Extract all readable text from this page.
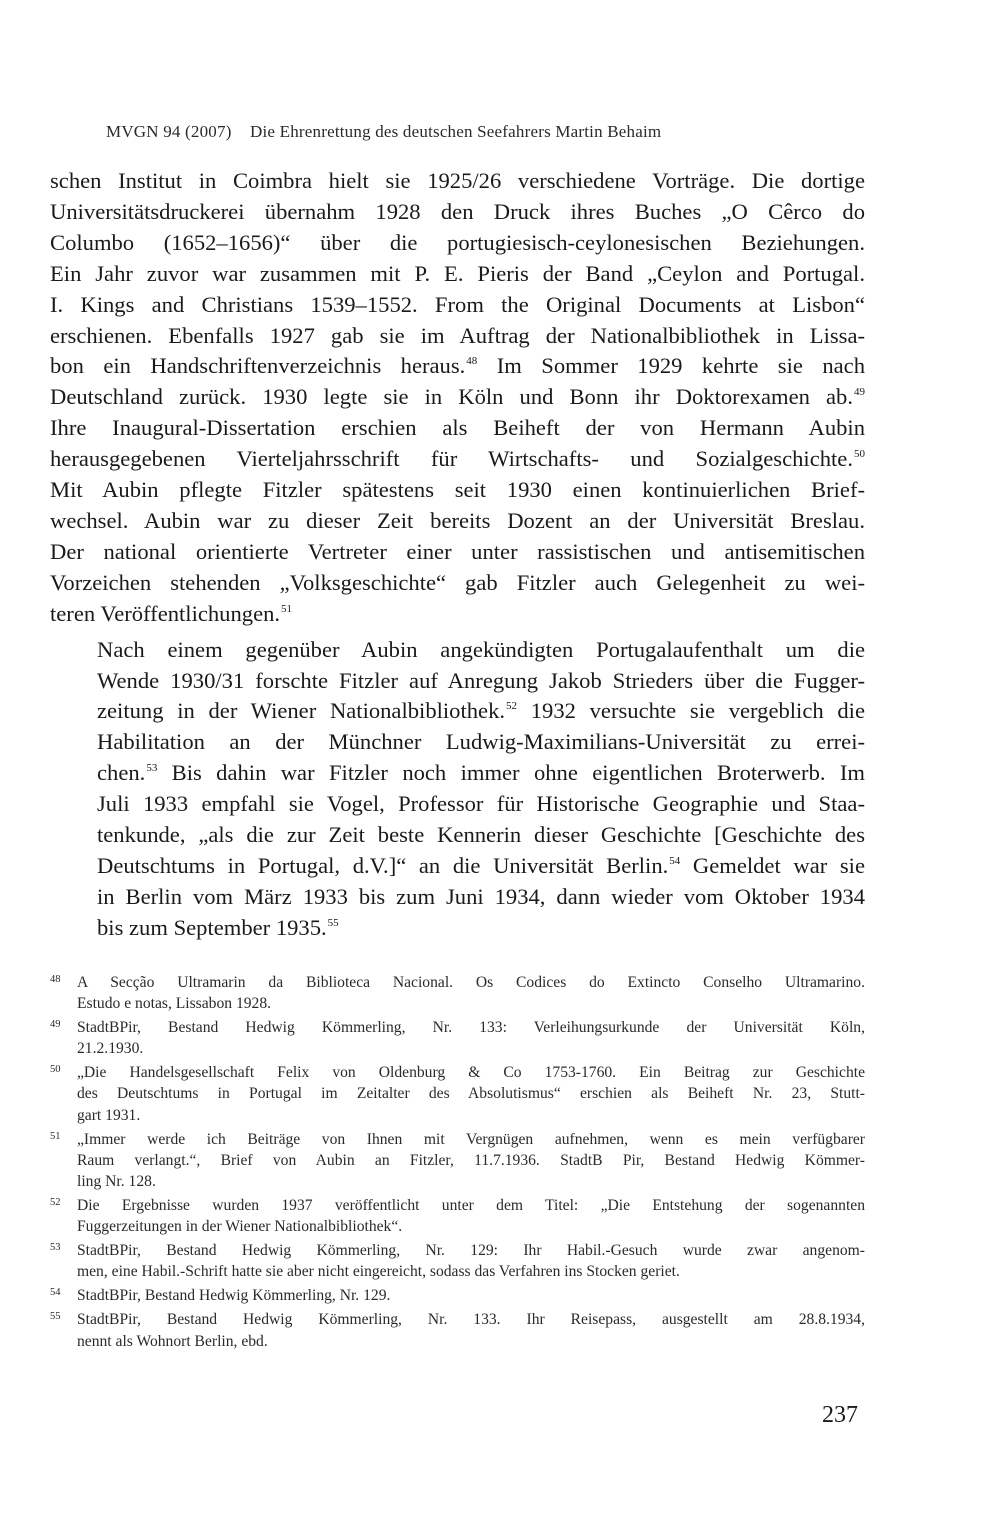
MVGN 94 (2007) Die Ehrenrettung des deutschen Seefahrers Martin Behaim

schen Institut in Coimbra hielt sie 1925/26 verschiedene Vorträge. Die dortige
Universitätsdruckerei übernahm 1928 den Druck ihres Buches „O Cêrco do
Columbo (1652–1656)“ über die portugiesisch-ceylonesischen Beziehungen.
Ein Jahr zuvor war zusammen mit P. E. Pieris der Band „Ceylon and Portugal.
I. Kings and Christians 1539–1552. From the Original Documents at Lisbon“
erschienen. Ebenfalls 1927 gab sie im Auftrag der Nationalbibliothek in Lissa-
bon ein Handschriftenverzeichnis heraus.$^{48}$ Im Sommer 1929 kehrte sie nach
Deutschland zurück. 1930 legte sie in Köln und Bonn ihr Doktorexamen ab.$^{49}$
Ihre Inaugural-Dissertation erschien als Beiheft der von Hermann Aubin
herausgegebenen Vierteljahrsschrift für Wirtschafts- und Sozialgeschichte.$^{50}$
Mit Aubin pflegte Fitzler spätestens seit 1930 einen kontinuierlichen Brief-
wechsel. Aubin war zu dieser Zeit bereits Dozent an der Universität Breslau.
Der national orientierte Vertreter einer unter rassistischen und antisemitischen
Vorzeichen stehenden „Volksgeschichte“ gab Fitzler auch Gelegenheit zu wei-
teren Veröffentlichungen.$^{51}$

Nach einem gegenüber Aubin angekündigten Portugalaufenthalt um die
Wende 1930/31 forschte Fitzler auf Anregung Jakob Strieders über die Fugger-
zeitung in der Wiener Nationalbibliothek.$^{52}$ 1932 versuchte sie vergeblich die
Habilitation an der Münchner Ludwig-Maximilians-Universität zu errei-
chen.$^{53}$ Bis dahin war Fitzler noch immer ohne eigentlichen Broterwerb. Im
Juli 1933 empfahl sie Vogel, Professor für Historische Geographie und Staa-
tenkunde, „als die zur Zeit beste Kennerin dieser Geschichte [Geschichte des
Deutschtums in Portugal, d.V.]“ an die Universität Berlin.$^{54}$ Gemeldet war sie
in Berlin vom März 1933 bis zum Juni 1934, dann wieder vom Oktober 1934
bis zum September 1935.55

48 A Secção Ultramarin da Biblioteca Nacional. Os Codices do Extincto Conselho Ultramarino.
Estudo e notas, Lissabon 1928.
49 StadtBPir, Bestand Hedwig Kömmerling, Nr. 133: Verleihungsurkunde der Universität Köln,
21.2.1930.
50 „Die Handelsgesellschaft Felix von Oldenburg & Co 1753-1760. Ein Beitrag zur Geschichte
des Deutschtums in Portugal im Zeitalter des Absolutismus“ erschien als Beiheft Nr. 23, Stutt-
gart 1931.
51 „Immer werde ich Beiträge von Ihnen mit Vergnügen aufnehmen, wenn es mein verfügbarer
Raum verlangt.“, Brief von Aubin an Fitzler, 11.7.1936. StadtB Pir, Bestand Hedwig Kömmer-
ling Nr. 128.
52 Die Ergebnisse wurden 1937 veröffentlicht unter dem Titel: „Die Entstehung der sogenannten
Fuggerzeitungen in der Wiener Nationalbibliothek“.
53 StadtBPir, Bestand Hedwig Kömmerling, Nr. 129: Ihr Habil.-Gesuch wurde zwar angenom-
men, eine Habil.-Schrift hatte sie aber nicht eingereicht, sodass das Verfahren ins Stocken geriet.
54 StadtBPir, Bestand Hedwig Kömmerling, Nr. 129.
55 StadtBPir, Bestand Hedwig Kömmerling, Nr. 133. Ihr Reisepass, ausgestellt am 28.8.1934,
nennt als Wohnort Berlin, ebd.
237
